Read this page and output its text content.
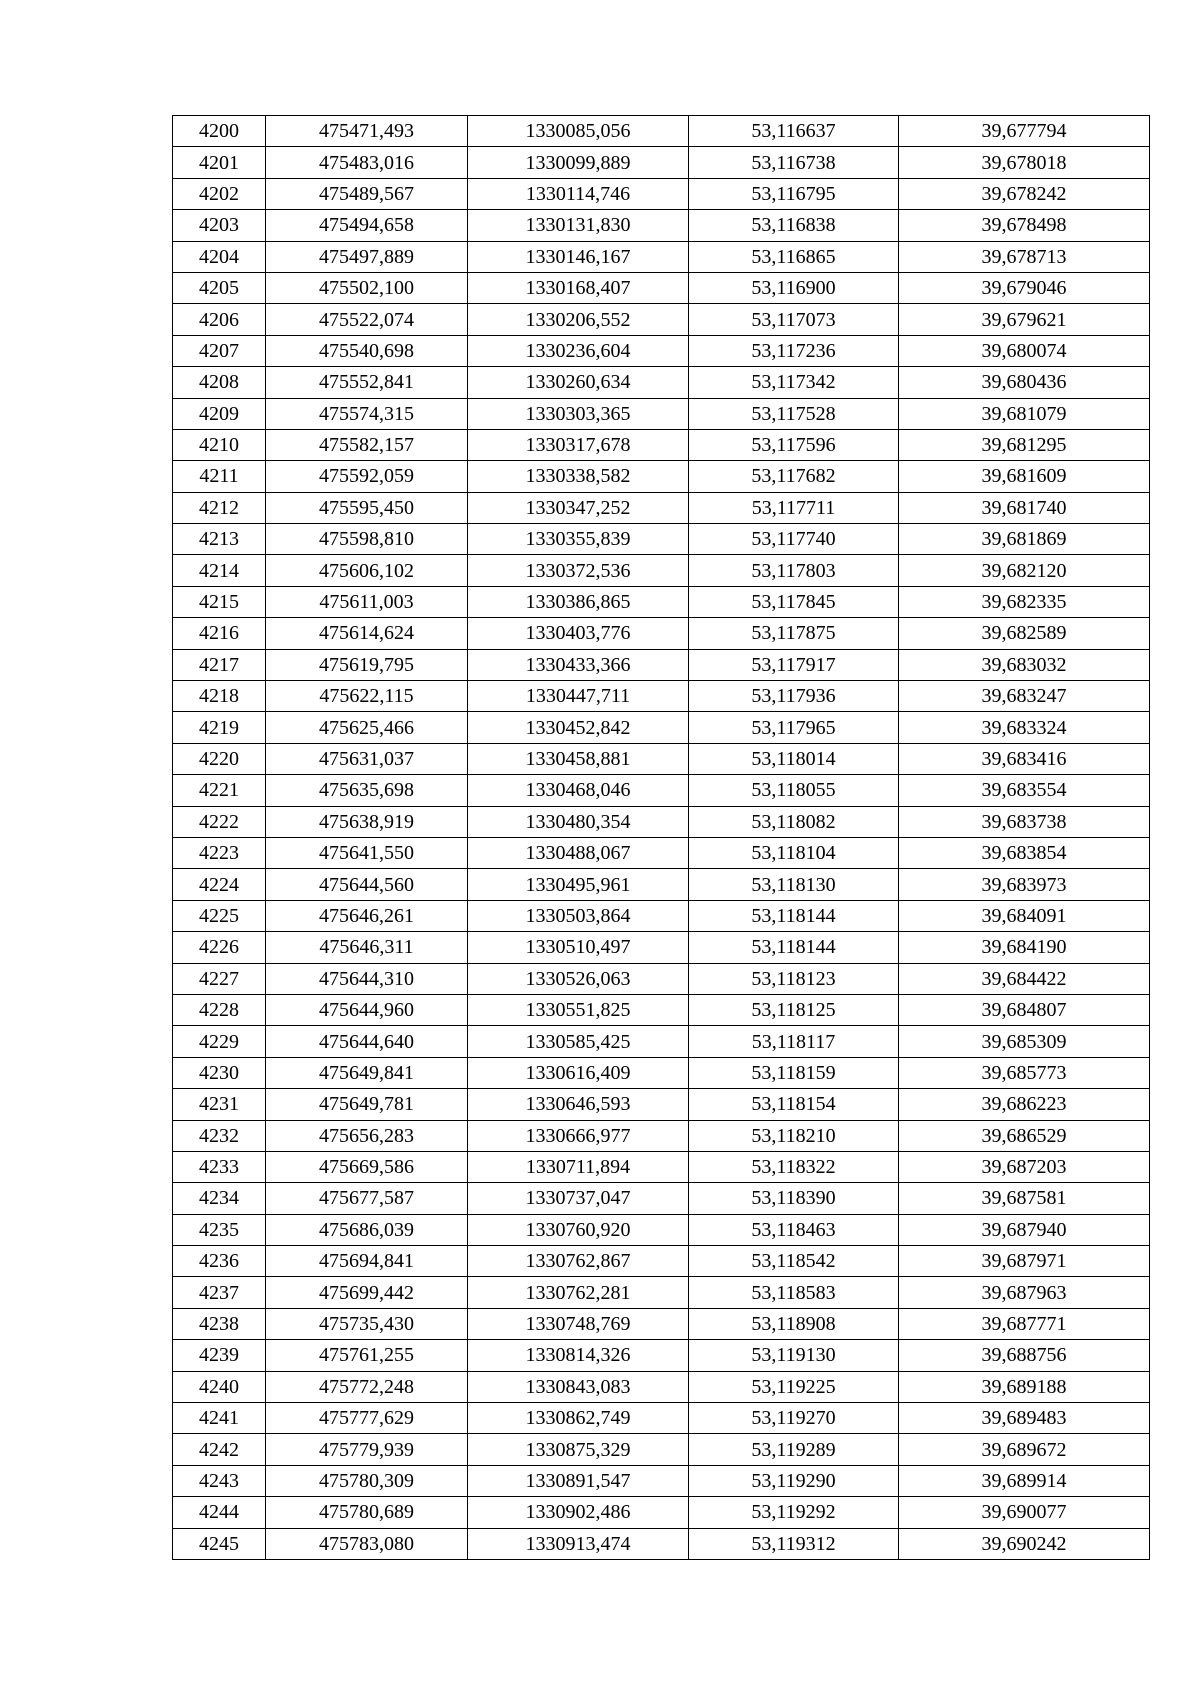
4200	475471,493	1330085,056	53,116637	39,677794
4201	475483,016	1330099,889	53,116738	39,678018
4202	475489,567	1330114,746	53,116795	39,678242
4203	475494,658	1330131,830	53,116838	39,678498
4204	475497,889	1330146,167	53,116865	39,678713
4205	475502,100	1330168,407	53,116900	39,679046
4206	475522,074	1330206,552	53,117073	39,679621
4207	475540,698	1330236,604	53,117236	39,680074
4208	475552,841	1330260,634	53,117342	39,680436
4209	475574,315	1330303,365	53,117528	39,681079
4210	475582,157	1330317,678	53,117596	39,681295
4211	475592,059	1330338,582	53,117682	39,681609
4212	475595,450	1330347,252	53,117711	39,681740
4213	475598,810	1330355,839	53,117740	39,681869
4214	475606,102	1330372,536	53,117803	39,682120
4215	475611,003	1330386,865	53,117845	39,682335
4216	475614,624	1330403,776	53,117875	39,682589
4217	475619,795	1330433,366	53,117917	39,683032
4218	475622,115	1330447,711	53,117936	39,683247
4219	475625,466	1330452,842	53,117965	39,683324
4220	475631,037	1330458,881	53,118014	39,683416
4221	475635,698	1330468,046	53,118055	39,683554
4222	475638,919	1330480,354	53,118082	39,683738
4223	475641,550	1330488,067	53,118104	39,683854
4224	475644,560	1330495,961	53,118130	39,683973
4225	475646,261	1330503,864	53,118144	39,684091
4226	475646,311	1330510,497	53,118144	39,684190
4227	475644,310	1330526,063	53,118123	39,684422
4228	475644,960	1330551,825	53,118125	39,684807
4229	475644,640	1330585,425	53,118117	39,685309
4230	475649,841	1330616,409	53,118159	39,685773
4231	475649,781	1330646,593	53,118154	39,686223
4232	475656,283	1330666,977	53,118210	39,686529
4233	475669,586	1330711,894	53,118322	39,687203
4234	475677,587	1330737,047	53,118390	39,687581
4235	475686,039	1330760,920	53,118463	39,687940
4236	475694,841	1330762,867	53,118542	39,687971
4237	475699,442	1330762,281	53,118583	39,687963
4238	475735,430	1330748,769	53,118908	39,687771
4239	475761,255	1330814,326	53,119130	39,688756
4240	475772,248	1330843,083	53,119225	39,689188
4241	475777,629	1330862,749	53,119270	39,689483
4242	475779,939	1330875,329	53,119289	39,689672
4243	475780,309	1330891,547	53,119290	39,689914
4244	475780,689	1330902,486	53,119292	39,690077
4245	475783,080	1330913,474	53,119312	39,690242
